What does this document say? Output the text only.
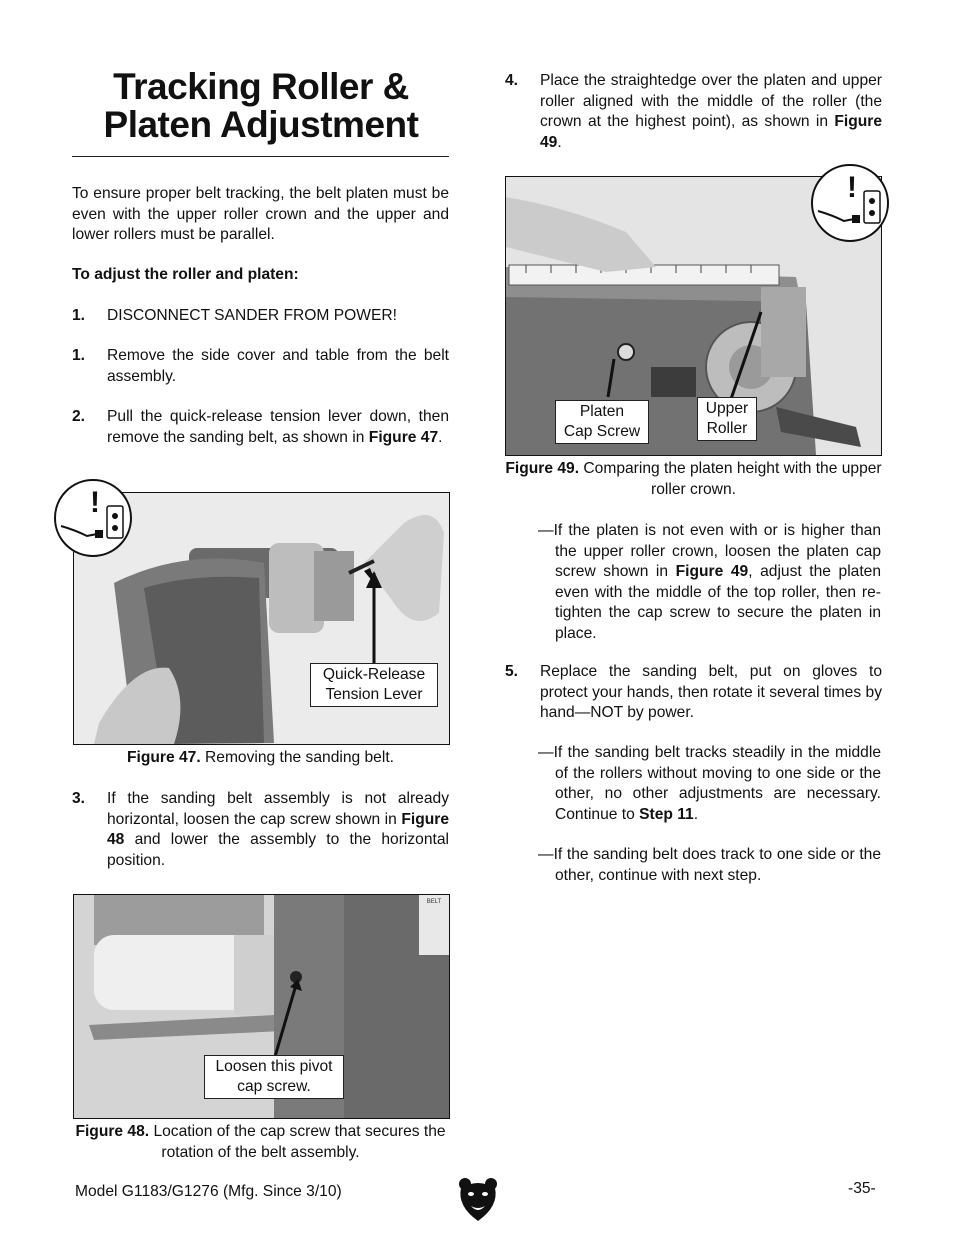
Tracking Roller &
Platen Adjustment
To ensure proper belt tracking, the belt platen must be even with the upper roller crown and the upper and lower rollers must be parallel.
To adjust the roller and platen:
1. DISCONNECT SANDER FROM POWER!
1. Remove the side cover and table from the belt assembly.
2. Pull the quick-release tension lever down, then remove the sanding belt, as shown in Figure 47.
Quick-Release
Tension Lever
!
Figure 47. Removing the sanding belt.
3. If the sanding belt assembly is not already horizontal, loosen the cap screw shown in Figure 48 and lower the assembly to the horizontal position.
BELT
Loosen this pivot
cap screw.
Figure 48. Location of the cap screw that secures the rotation of the belt assembly.
4. Place the straightedge over the platen and upper roller aligned with the middle of the roller (the crown at the highest point), as shown in Figure 49.
Platen
Cap Screw
Upper
Roller
!
Figure 49. Comparing the platen height with the upper roller crown.
—If the platen is not even with or is higher than the upper roller crown, loosen the platen cap screw shown in Figure 49, adjust the platen even with the middle of the top roller, then re-tighten the cap screw to secure the platen in place.
5. Replace the sanding belt, put on gloves to protect your hands, then rotate it several times by hand—NOT by power.
—If the sanding belt tracks steadily in the middle of the rollers without moving to one side or the other, no other adjustments are necessary. Continue to Step 11.
—If the sanding belt does track to one side or the other, continue with next step.
Model G1183/G1276 (Mfg. Since 3/10)	-35-
